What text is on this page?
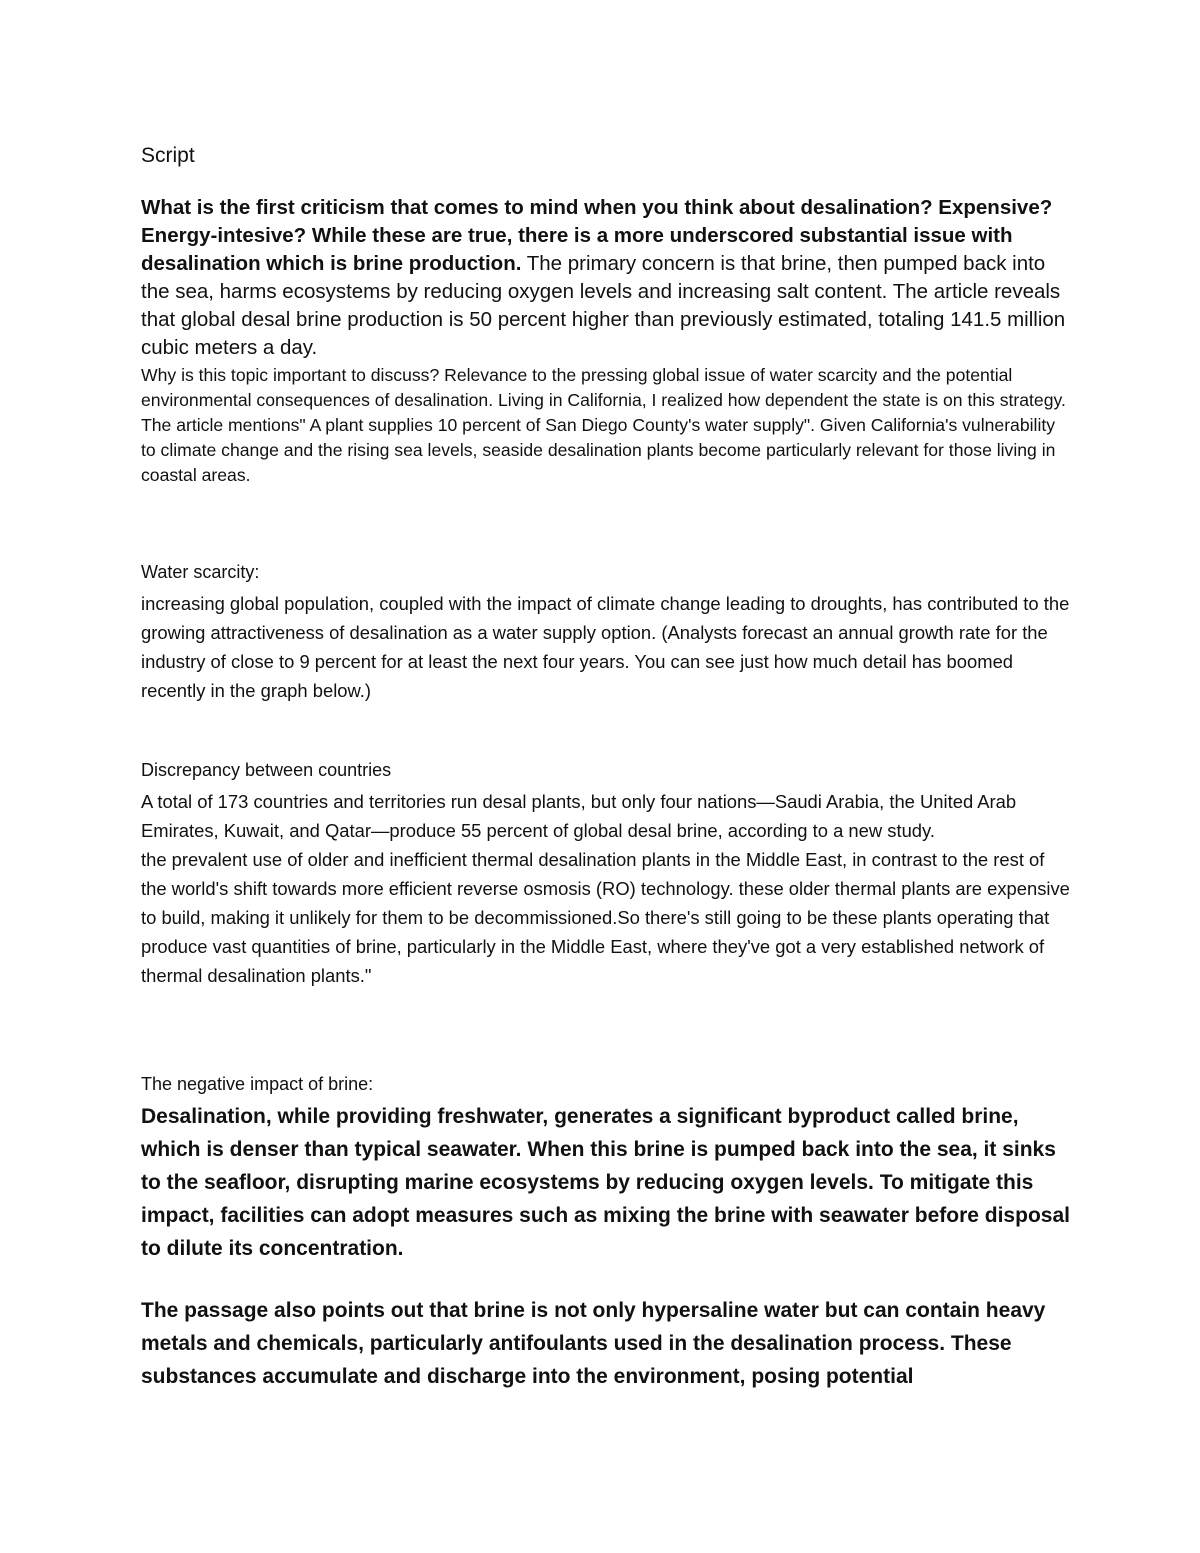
Script
What is the first criticism that comes to mind when you think about desalination? Expensive? Energy-intesive? While these are true, there is a more underscored substantial issue with desalination which is brine production. The primary concern is that brine, then pumped back into the sea, harms ecosystems by reducing oxygen levels and increasing salt content. The article reveals that global desal brine production is 50 percent higher than previously estimated, totaling 141.5 million cubic meters a day.
Why is this topic important to discuss? Relevance to the pressing global issue of water scarcity and the potential environmental consequences of desalination. Living in California, I realized how dependent the state is on this strategy. The article mentions" A plant supplies 10 percent of San Diego County's water supply". Given California's vulnerability to climate change and the rising sea levels, seaside desalination plants become particularly relevant for those living in coastal areas.
Water scarcity:
increasing global population, coupled with the impact of climate change leading to droughts, has contributed to the growing attractiveness of desalination as a water supply option. (Analysts forecast an annual growth rate for the industry of close to 9 percent for at least the next four years. You can see just how much detail has boomed recently in the graph below.)
Discrepancy between countries
A total of 173 countries and territories run desal plants, but only four nations—Saudi Arabia, the United Arab Emirates, Kuwait, and Qatar—produce 55 percent of global desal brine, according to a new study.
the prevalent use of older and inefficient thermal desalination plants in the Middle East, in contrast to the rest of the world's shift towards more efficient reverse osmosis (RO) technology. these older thermal plants are expensive to build, making it unlikely for them to be decommissioned.So there's still going to be these plants operating that produce vast quantities of brine, particularly in the Middle East, where they've got a very established network of thermal desalination plants."
The negative impact of brine:
Desalination, while providing freshwater, generates a significant byproduct called brine, which is denser than typical seawater. When this brine is pumped back into the sea, it sinks to the seafloor, disrupting marine ecosystems by reducing oxygen levels. To mitigate this impact, facilities can adopt measures such as mixing the brine with seawater before disposal to dilute its concentration.
The passage also points out that brine is not only hypersaline water but can contain heavy metals and chemicals, particularly antifoulants used in the desalination process. These substances accumulate and discharge into the environment, posing potential
